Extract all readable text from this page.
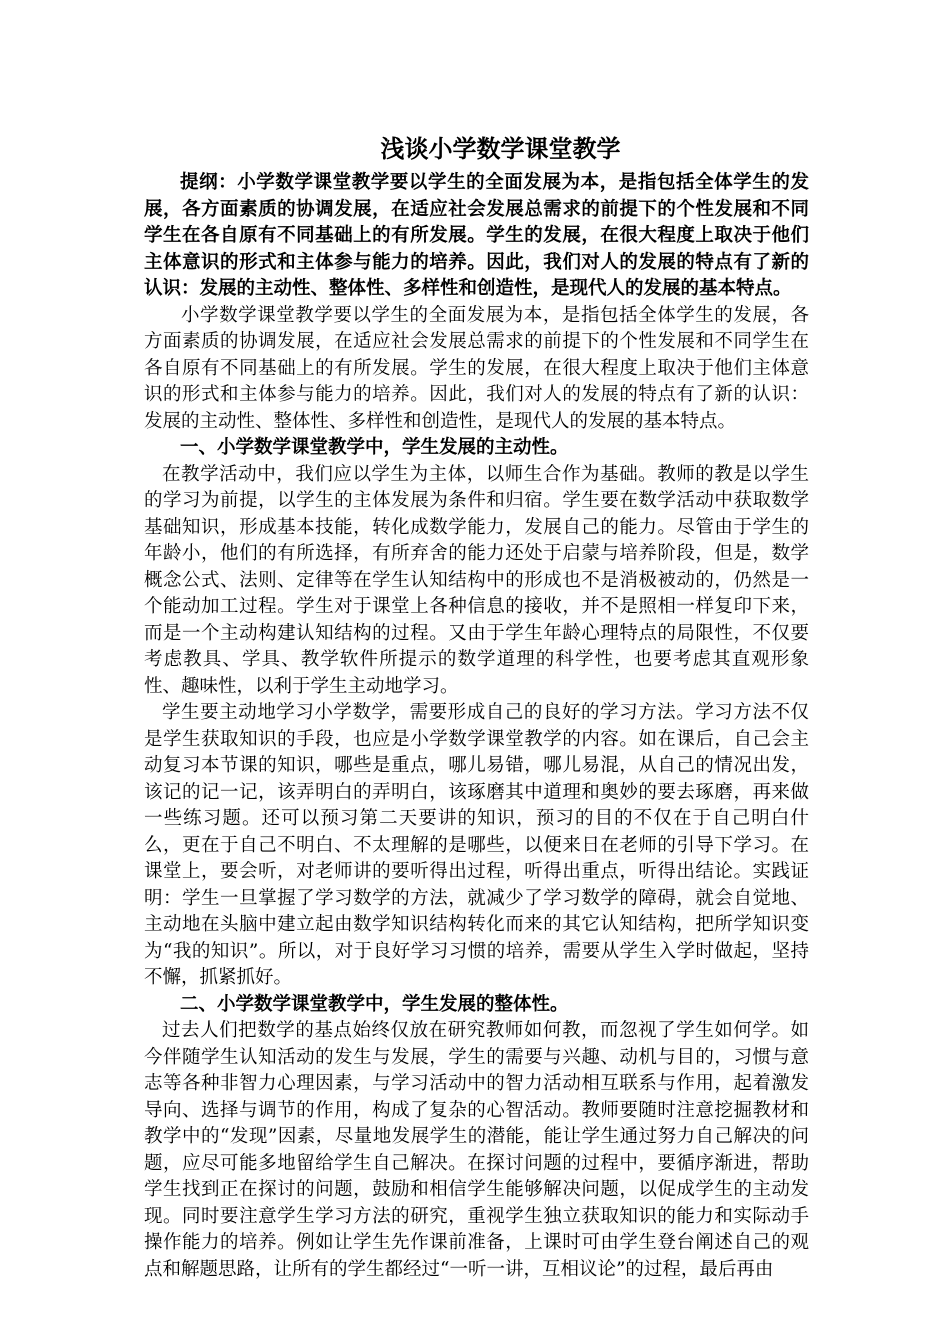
浅谈小学数学课堂教学

提纲：小学数学课堂教学要以学生的全面发展为本，是指包括全体学生的发展，各方面素质的协调发展，在适应社会发展总需求的前提下的个性发展和不同学生在各自原有不同基础上的有所发展。学生的发展，在很大程度上取决于他们主体意识的形式和主体参与能力的培养。因此，我们对人的发展的特点有了新的认识：发展的主动性、整体性、多样性和创造性，是现代人的发展的基本特点。

小学数学课堂教学要以学生的全面发展为本，是指包括全体学生的发展，各方面素质的协调发展，在适应社会发展总需求的前提下的个性发展和不同学生在各自原有不同基础上的有所发展。学生的发展，在很大程度上取决于他们主体意识的形式和主体参与能力的培养。因此，我们对人的发展的特点有了新的认识：发展的主动性、整体性、多样性和创造性，是现代人的发展的基本特点。

一、小学数学课堂教学中，学生发展的主动性。

在教学活动中，我们应以学生为主体，以师生合作为基础。教师的教是以学生的学习为前提，以学生的主体发展为条件和归宿。学生要在数学活动中获取数学基础知识，形成基本技能，转化成数学能力，发展自己的能力。尽管由于学生的年龄小，他们的有所选择，有所弃舍的能力还处于启蒙与培养阶段，但是，数学概念公式、法则、定律等在学生认知结构中的形成也不是消极被动的，仍然是一个能动加工过程。学生对于课堂上各种信息的接收，并不是照相一样复印下来，而是一个主动构建认知结构的过程。又由于学生年龄心理特点的局限性，不仅要考虑教具、学具、教学软件所提示的数学道理的科学性，也要考虑其直观形象性、趣味性，以利于学生主动地学习。

学生要主动地学习小学数学，需要形成自己的良好的学习方法。学习方法不仅是学生获取知识的手段，也应是小学数学课堂教学的内容。如在课后，自己会主动复习本节课的知识，哪些是重点，哪儿易错，哪儿易混，从自己的情况出发，该记的记一记，该弄明白的弄明白，该琢磨其中道理和奥妙的要去琢磨，再来做一些练习题。还可以预习第二天要讲的知识，预习的目的不仅在于自己明白什么，更在于自己不明白、不太理解的是哪些，以便来日在老师的引导下学习。在课堂上，要会听，对老师讲的要听得出过程，听得出重点，听得出结论。实践证明：学生一旦掌握了学习数学的方法，就减少了学习数学的障碍，就会自觉地、主动地在头脑中建立起由数学知识结构转化而来的其它认知结构，把所学知识变为“我的知识”。所以，对于良好学习习惯的培养，需要从学生入学时做起，坚持不懈，抓紧抓好。

二、小学数学课堂教学中，学生发展的整体性。

过去人们把数学的基点始终仅放在研究教师如何教，而忽视了学生如何学。如今伴随学生认知活动的发生与发展，学生的需要与兴趣、动机与目的，习惯与意志等各种非智力心理因素，与学习活动中的智力活动相互联系与作用，起着激发导向、选择与调节的作用，构成了复杂的心智活动。教师要随时注意挖掘教材和教学中的“发现”因素，尽量地发展学生的潜能，能让学生通过努力自己解决的问题，应尽可能多地留给学生自己解决。在探讨问题的过程中，要循序渐进，帮助学生找到正在探讨的问题，鼓励和相信学生能够解决问题，以促成学生的主动发现。同时要注意学生学习方法的研究，重视学生独立获取知识的能力和实际动手操作能力的培养。例如让学生先作课前准备，上课时可由学生登台阐述自己的观点和解题思路，让所有的学生都经过“一听一讲，互相议论”的过程，最后再由
